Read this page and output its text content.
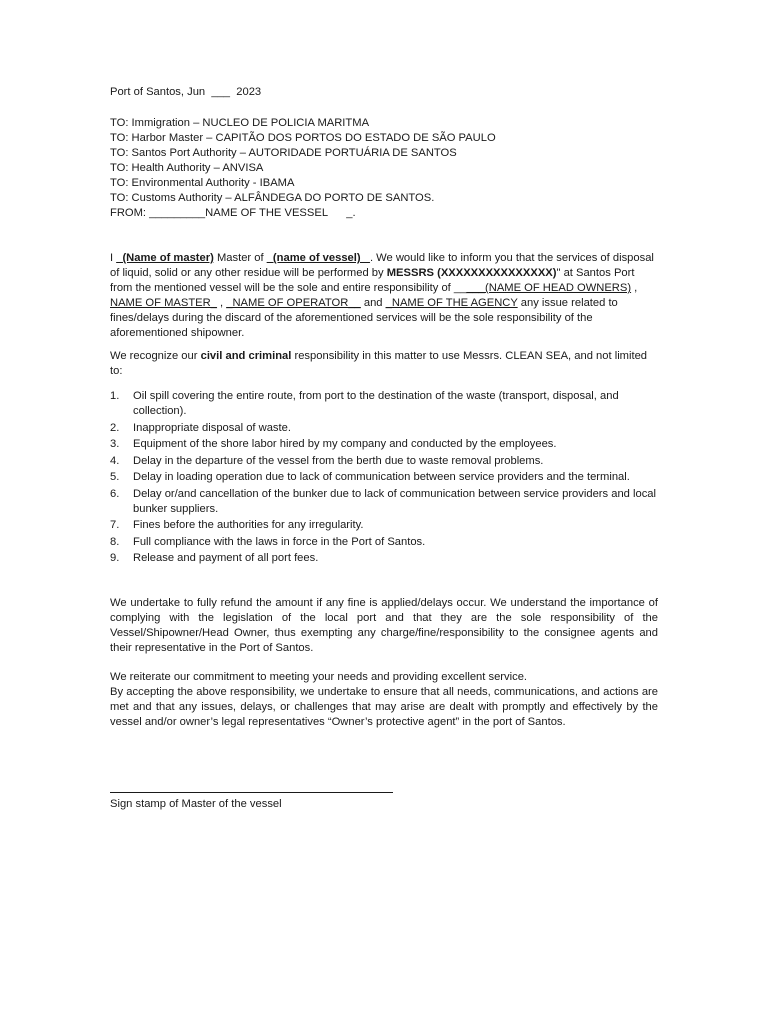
Port of Santos, Jun  ___  2023
TO: Immigration – NUCLEO DE POLICIA MARITMA
TO: Harbor Master – CAPITÃO DOS PORTOS DO ESTADO DE SÃO PAULO
TO: Santos Port Authority – AUTORIDADE PORTUÁRIA DE SANTOS
TO: Health Authority – ANVISA
TO: Environmental Authority - IBAMA
TO: Customs Authority – ALFÂNDEGA DO PORTO DE SANTOS.
FROM: _________NAME OF THE VESSEL      _.

I _(Name of master) Master of _(name of vessel) _. We would like to inform you that the services of disposal of liquid, solid or any other residue will be performed by MESSRS (XXXXXXXXXXXXXXX)" at Santos Port from the mentioned vessel will be the sole and entire responsibility of _____(NAME OF HEAD OWNERS) , NAME OF MASTER_ , _NAME OF OPERATOR__ and _NAME OF THE AGENCY any issue related to fines/delays during the discard of the aforementioned services will be the sole responsibility of the aforementioned shipowner.

We recognize our civil and criminal responsibility in this matter to use Messrs. CLEAN SEA, and not limited to:

1. Oil spill covering the entire route, from port to the destination of the waste (transport, disposal, and collection).
2. Inappropriate disposal of waste.
3. Equipment of the shore labor hired by my company and conducted by the employees.
4. Delay in the departure of the vessel from the berth due to waste removal problems.
5. Delay in loading operation due to lack of communication between service providers and the terminal.
6. Delay or/and cancellation of the bunker due to lack of communication between service providers and local bunker suppliers.
7. Fines before the authorities for any irregularity.
8. Full compliance with the laws in force in the Port of Santos.
9. Release and payment of all port fees.

We undertake to fully refund the amount if any fine is applied/delays occur. We understand the importance of complying with the legislation of the local port and that they are the sole responsibility of the Vessel/Shipowner/Head Owner, thus exempting any charge/fine/responsibility to the consignee agents and their representative in the Port of Santos.

We reiterate our commitment to meeting your needs and providing excellent service.

By accepting the above responsibility, we undertake to ensure that all needs, communications, and actions are met and that any issues, delays, or challenges that may arise are dealt with promptly and effectively by the vessel and/or owner’s legal representatives “Owner’s protective agent” in the port of Santos.

Sign stamp of Master of the vessel
